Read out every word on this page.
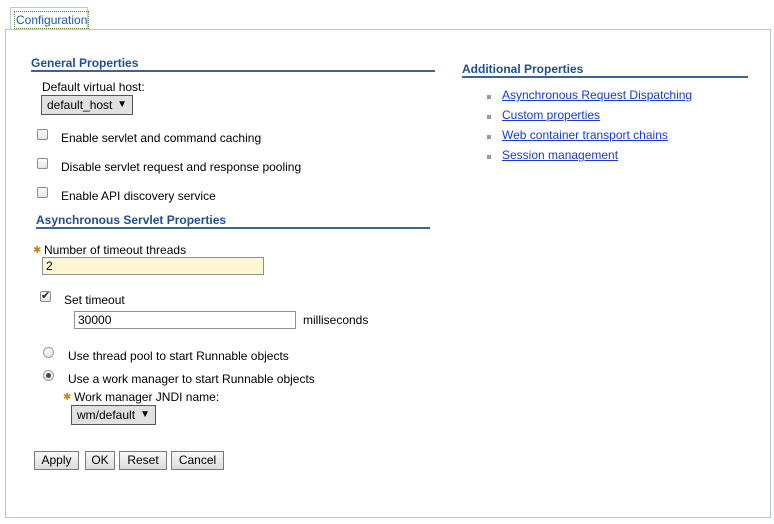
Configuration
General Properties
Default virtual host:
default_host ▼
Enable servlet and command caching
Disable servlet request and response pooling
Enable API discovery service
Asynchronous Servlet Properties
✱ Number of timeout threads
2
✔
Set timeout
30000
milliseconds
Use thread pool to start Runnable objects
Use a work manager to start Runnable objects
✱ Work manager JNDI name:
wm/default ▼
Apply	OK	Reset	Cancel
Additional Properties
Asynchronous Request Dispatching
Custom properties
Web container transport chains
Session management
